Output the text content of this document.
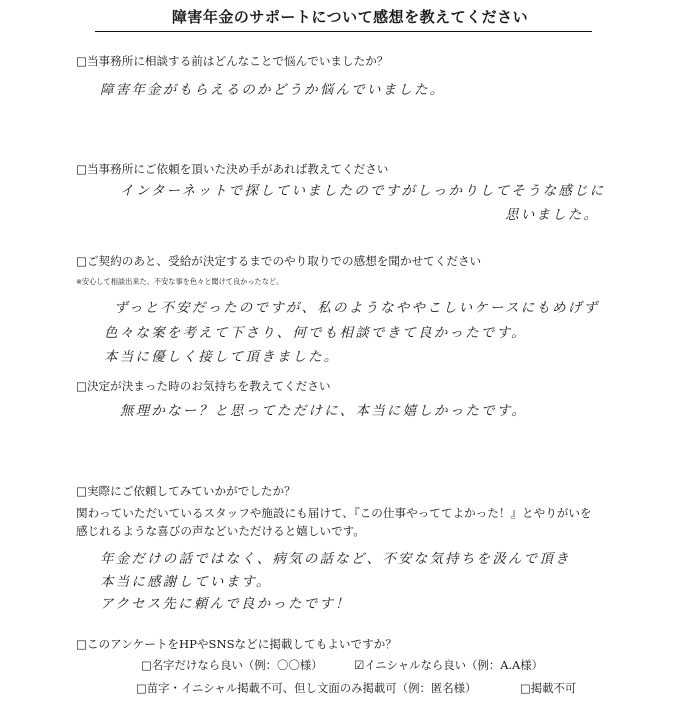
障害年金のサポートについて感想を教えてください
□当事務所に相談する前はどんなことで悩んでいましたか？
障害年金がもらえるのかどうか悩んでいました。
□当事務所にご依頼を頂いた決め手があれば教えてください
インターネットで探していましたのですがしっかりしてそうな感じに
思いました。
□ご契約のあと、受給が決定するまでのやり取りでの感想を聞かせてください
※安心して相談出来た、不安な事を色々と聞けて良かったなど。
ずっと不安だったのですが、私のようなややこしいケースにもめげず
色々な案を考えて下さり、何でも相談できて良かったです。
本当に優しく接して頂きました。
□決定が決まった時のお気持ちを教えてください
無理かなー？と思ってただけに、本当に嬉しかったです。
□実際にご依頼してみていかがでしたか？
関わっていただいているスタッフや施設にも届けて、『この仕事やっててよかった！』とやりがいを
感じれるような喜びの声などいただけると嬉しいです。
年金だけの話ではなく、病気の話など、不安な気持ちを汲んで頂き
本当に感謝しています。
アクセス先に頼んで良かったです！
□このアンケートをHPやSNSなどに掲載してもよいですか？
□名字だけなら良い（例：〇〇様）	☑イニシャルなら良い（例：A.A様）
□苗字・イニシャル掲載不可、但し文面のみ掲載可（例：匿名様）	□掲載不可
